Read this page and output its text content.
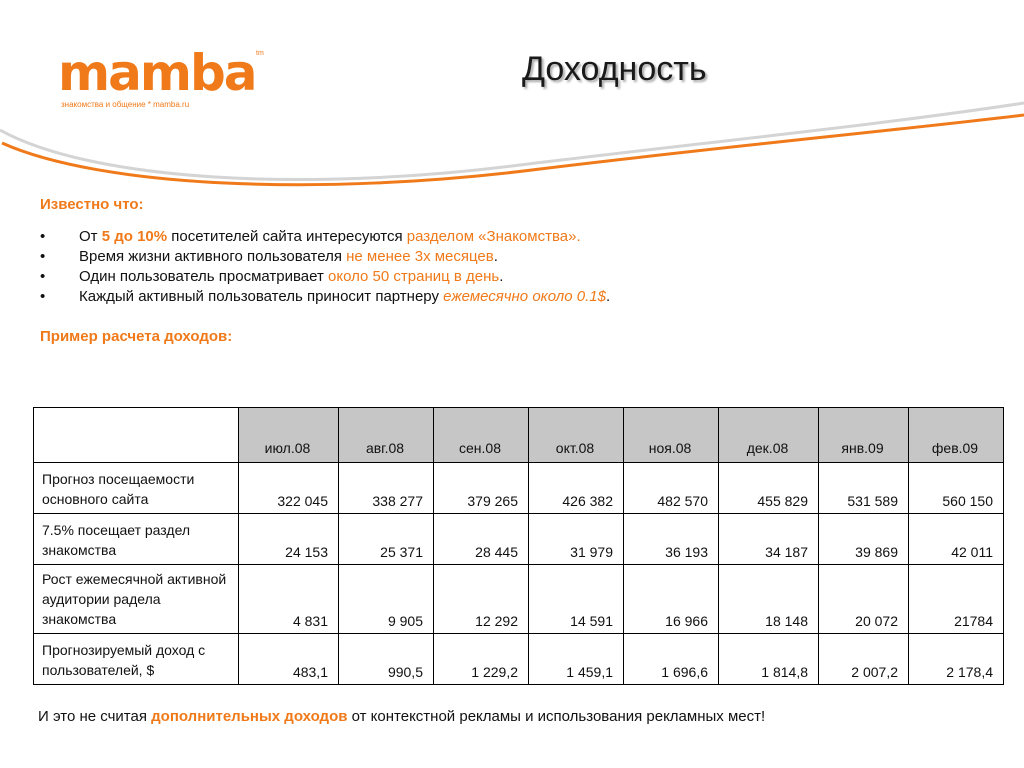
mamba tm
знакомства и общение * mamba.ru
Доходность
Известно что:
• От 5 до 10% посетителей сайта интересуются разделом «Знакомства».
• Время жизни активного пользователя не менее 3х месяцев.
• Один пользователь просматривает около 50 страниц в день.
• Каждый активный пользователь приносит партнеру ежемесячно около 0.1$.
Пример расчета доходов:
	июл.08	авг.08	сен.08	окт.08	ноя.08	дек.08	янв.09	фев.09
Прогноз посещаемости основного сайта	322 045	338 277	379 265	426 382	482 570	455 829	531 589	560 150
7.5% посещает раздел знакомства	24 153	25 371	28 445	31 979	36 193	34 187	39 869	42 011
Рост ежемесячной активной аудитории радела знакомства	4 831	9 905	12 292	14 591	16 966	18 148	20 072	21784
Прогнозируемый доход с пользователей, $	483,1	990,5	1 229,2	1 459,1	1 696,6	1 814,8	2 007,2	2 178,4
И это не считая дополнительных доходов от контекстной рекламы и использования рекламных мест!
